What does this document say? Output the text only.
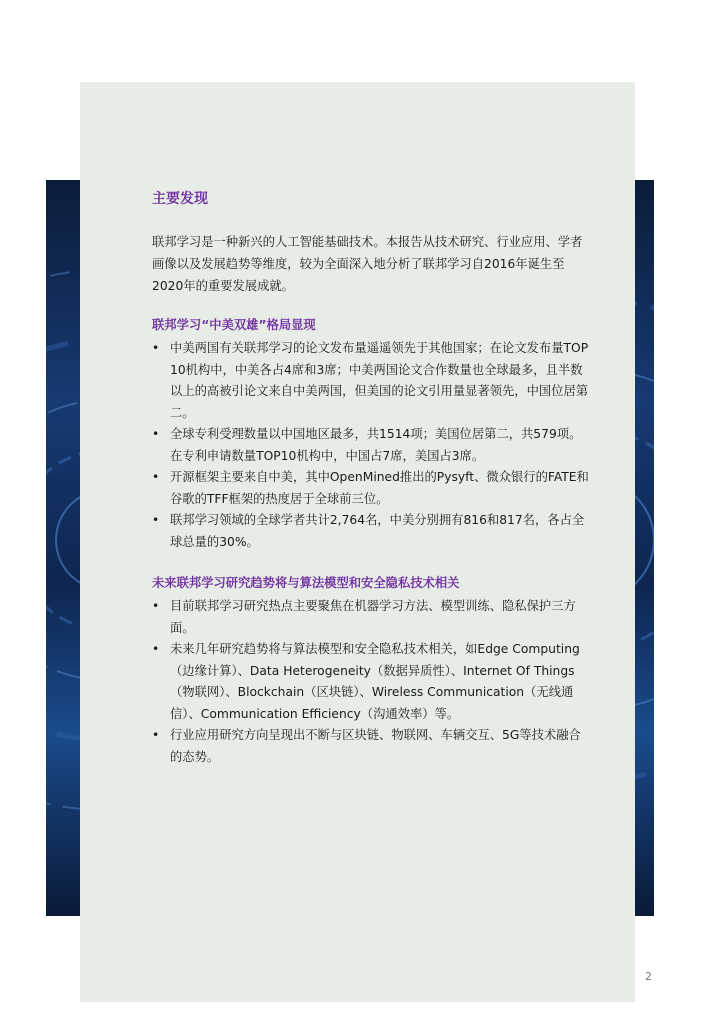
主要发现

联邦学习是一种新兴的人工智能基础技术。本报告从技术研究、行业应用、学者画像以及发展趋势等维度，较为全面深入地分析了联邦学习自2016年诞生至2020年的重要发展成就。

联邦学习“中美双雄”格局显现
• 中美两国有关联邦学习的论文发布量遥遥领先于其他国家；在论文发布量TOP 10机构中，中美各占4席和3席；中美两国论文合作数量也全球最多，且半数以上的高被引论文来自中美两国，但美国的论文引用量显著领先，中国位居第二。
• 全球专利受理数量以中国地区最多，共1514项；美国位居第二，共579项。在专利申请数量TOP10机构中，中国占7席，美国占3席。
• 开源框架主要来自中美，其中OpenMined推出的Pysyft、微众银行的FATE和谷歌的TFF框架的热度居于全球前三位。
• 联邦学习领域的全球学者共计2,764名，中美分别拥有816和817名，各占全球总量的30%。
未来联邦学习研究趋势将与算法模型和安全隐私技术相关
• 目前联邦学习研究热点主要聚焦在机器学习方法、模型训练、隐私保护三方面。
• 未来几年研究趋势将与算法模型和安全隐私技术相关，如Edge Computing（边缘计算）、Data Heterogeneity（数据异质性）、Internet Of Things（物联网）、Blockchain（区块链）、Wireless Communication（无线通信）、Communication Efficiency（沟通效率）等。
• 行业应用研究方向呈现出不断与区块链、物联网、车辆交互、5G等技术融合的态势。
2
